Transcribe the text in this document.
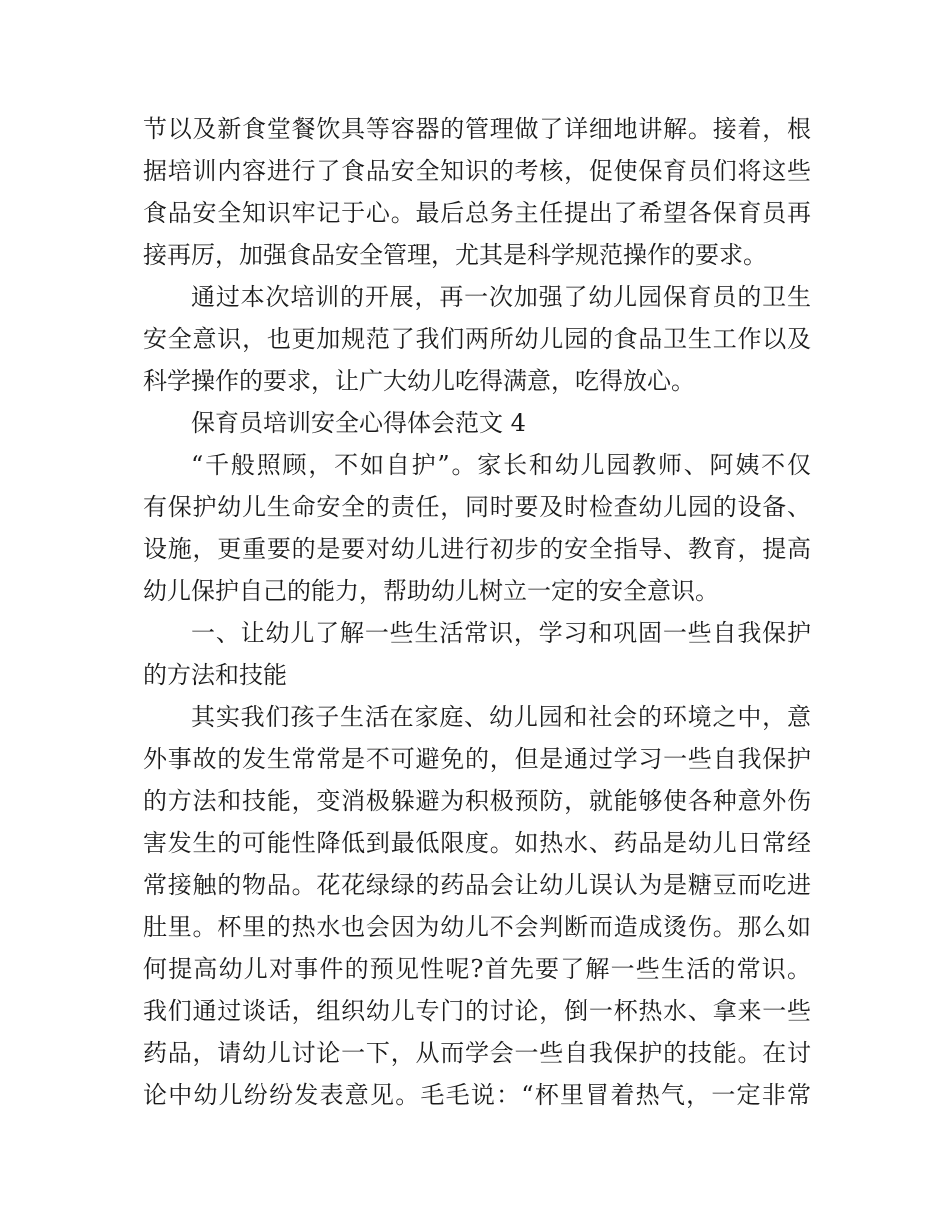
节以及新食堂餐饮具等容器的管理做了详细地讲解。接着，根
据培训内容进行了食品安全知识的考核，促使保育员们将这些
食品安全知识牢记于心。最后总务主任提出了希望各保育员再
接再厉，加强食品安全管理，尤其是科学规范操作的要求。
通过本次培训的开展，再一次加强了幼儿园保育员的卫生
安全意识，也更加规范了我们两所幼儿园的食品卫生工作以及
科学操作的要求，让广大幼儿吃得满意，吃得放心。
保育员培训安全心得体会范文 4
“千般照顾，不如自护”。家长和幼儿园教师、阿姨不仅
有保护幼儿生命安全的责任，同时要及时检查幼儿园的设备、
设施，更重要的是要对幼儿进行初步的安全指导、教育，提高
幼儿保护自己的能力，帮助幼儿树立一定的安全意识。
一、让幼儿了解一些生活常识，学习和巩固一些自我保护
的方法和技能
其实我们孩子生活在家庭、幼儿园和社会的环境之中，意
外事故的发生常常是不可避免的，但是通过学习一些自我保护
的方法和技能，变消极躲避为积极预防，就能够使各种意外伤
害发生的可能性降低到最低限度。如热水、药品是幼儿日常经
常接触的物品。花花绿绿的药品会让幼儿误认为是糖豆而吃进
肚里。杯里的热水也会因为幼儿不会判断而造成烫伤。那么如
何提高幼儿对事件的预见性呢?首先要了解一些生活的常识。
我们通过谈话，组织幼儿专门的讨论，倒一杯热水、拿来一些
药品，请幼儿讨论一下，从而学会一些自我保护的技能。在讨
论中幼儿纷纷发表意见。毛毛说：“杯里冒着热气，一定非常
